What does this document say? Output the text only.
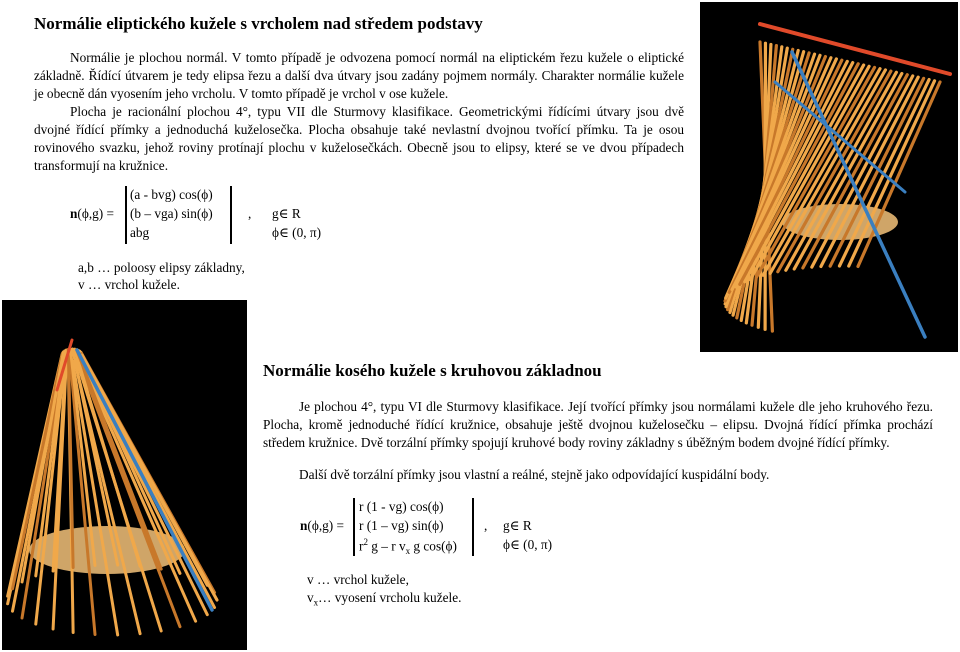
Normálie eliptického kužele s vrcholem nad středem podstavy

Normálie je plochou normál. V tomto případě je odvozena pomocí normál na eliptickém řezu kužele o eliptické základně. Řídící útvarem je tedy elipsa řezu a další dva útvary jsou zadány pojmem normály. Charakter normálie kužele je obecně dán vyosením jeho vrcholu. V tomto případě je vrchol v ose kužele.

Plocha je racionální plochou 4°, typu VII dle Sturmovy klasifikace. Geometrickými řídícími útvary jsou dvě dvojné řídící přímky a jednoduchá kuželosečka. Plocha obsahuje také nevlastní dvojnou tvořící přímku. Ta je osou rovinového svazku, jehož roviny protínají plochu v kuželosečkách. Obecně jsou to elipsy, které se ve dvou případech transformují na kružnice.

n(ϕ,g) =
(a - bvg) cos(ϕ)
(b – vga) sin(ϕ)
abg
, g∈ R
ϕ∈ (0, π)
a,b … poloosy elipsy základny,
v … vrchol kužele.
Normálie kosého kužele s kruhovou základnou

Je plochou 4°, typu VI dle Sturmovy klasifikace. Její tvořící přímky jsou normálami kužele dle jeho kruhového řezu. Plocha, kromě jednoduché řídící kružnice, obsahuje ještě dvojnou kuželosečku – elipsu. Dvojná řídící přímka prochází středem kružnice. Dvě torzální přímky spojují kruhové body roviny základny s úběžným bodem dvojné řídící přímky.

Další dvě torzální přímky jsou vlastní a reálné, stejně jako odpovídající kuspidální body.

n(ϕ,g) =
r (1 - vg) cos(ϕ)
r (1 – vg) sin(ϕ)
$r^2$ g – r $v_x$ g cos(ϕ)
, g∈ R
ϕ∈ (0, π)
v … vrchol kužele,
$v_x\dots$ vyosení vrcholu kužele.
